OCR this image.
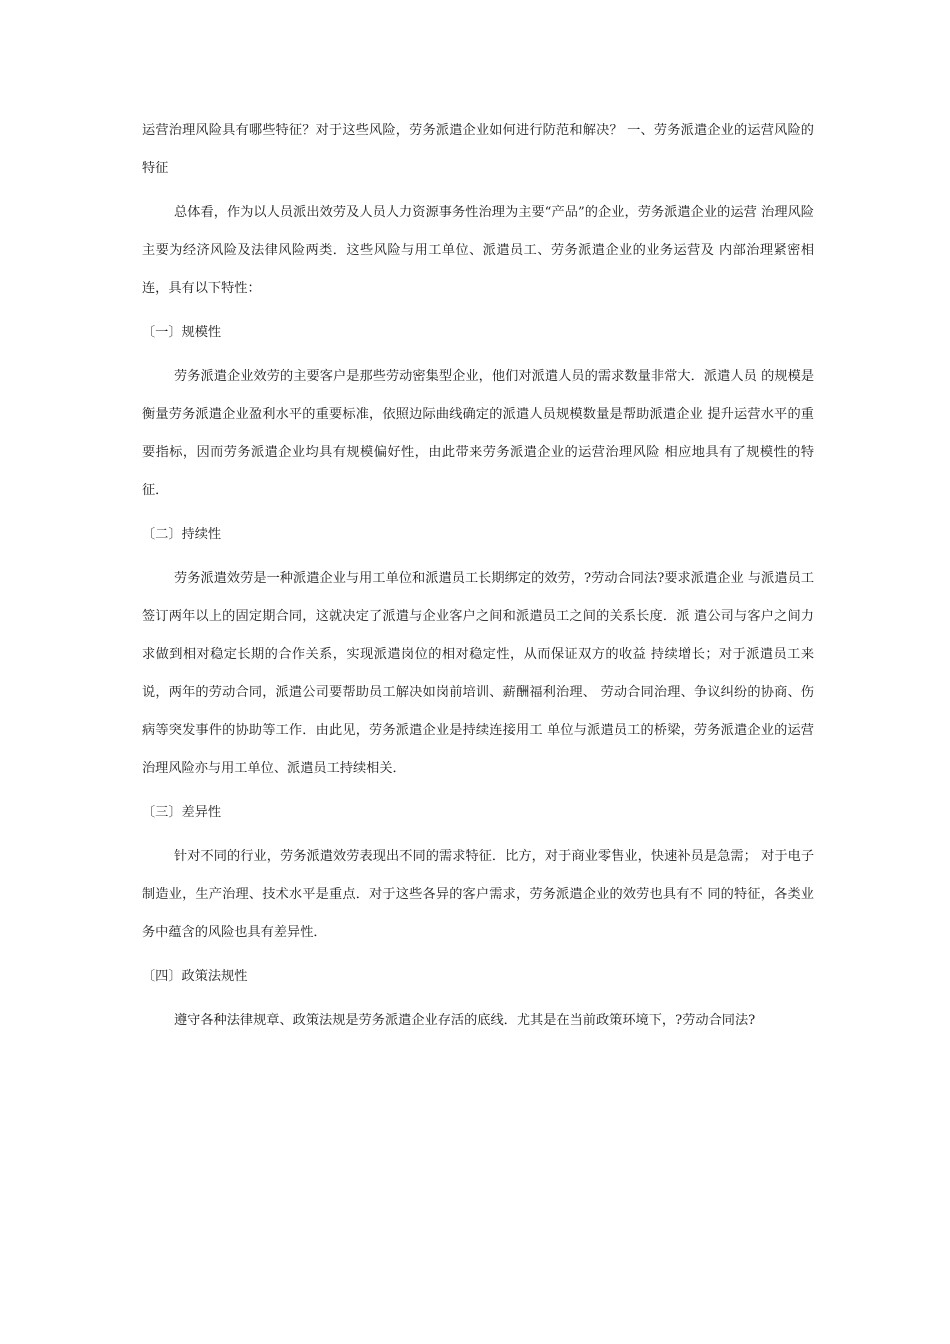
运营治理风险具有哪些特征？对于这些风险，劳务派遣企业如何进行防范和解决？ 一、劳务派遣企业的运营风险的特征

总体看，作为以人员派出效劳及人员人力资源事务性治理为主要“产品”的企业，劳务派遣企业的运营 治理风险主要为经济风险及法律风险两类．这些风险与用工单位、派遣员工、劳务派遣企业的业务运营及 内部治理紧密相连，具有以下特性：

〔一〕规模性

劳务派遣企业效劳的主要客户是那些劳动密集型企业，他们对派遣人员的需求数量非常大．派遣人员 的规模是衡量劳务派遣企业盈利水平的重要标准，依照边际曲线确定的派遣人员规模数量是帮助派遣企业 提升运营水平的重要指标，因而劳务派遣企业均具有规模偏好性，由此带来劳务派遣企业的运营治理风险 相应地具有了规模性的特征．

〔二〕持续性

劳务派遣效劳是一种派遣企业与用工单位和派遣员工长期绑定的效劳，?劳动合同法?要求派遣企业 与派遣员工签订两年以上的固定期合同，这就决定了派遣与企业客户之间和派遣员工之间的关系长度．派 遣公司与客户之间力求做到相对稳定长期的合作关系，实现派遣岗位的相对稳定性，从而保证双方的收益 持续增长；对于派遣员工来说，两年的劳动合同，派遣公司要帮助员工解决如岗前培训、薪酬福利治理、 劳动合同治理、争议纠纷的协商、伤病等突发事件的协助等工作．由此见，劳务派遣企业是持续连接用工 单位与派遣员工的桥梁，劳务派遣企业的运营治理风险亦与用工单位、派遣员工持续相关．

〔三〕差异性

针对不同的行业，劳务派遣效劳表现出不同的需求特征．比方，对于商业零售业，快速补员是急需； 对于电子制造业，生产治理、技术水平是重点．对于这些各异的客户需求，劳务派遣企业的效劳也具有不 同的特征，各类业务中蕴含的风险也具有差异性．

〔四〕政策法规性

遵守各种法律规章、政策法规是劳务派遣企业存活的底线．尤其是在当前政策环境下，?劳动合同法?
